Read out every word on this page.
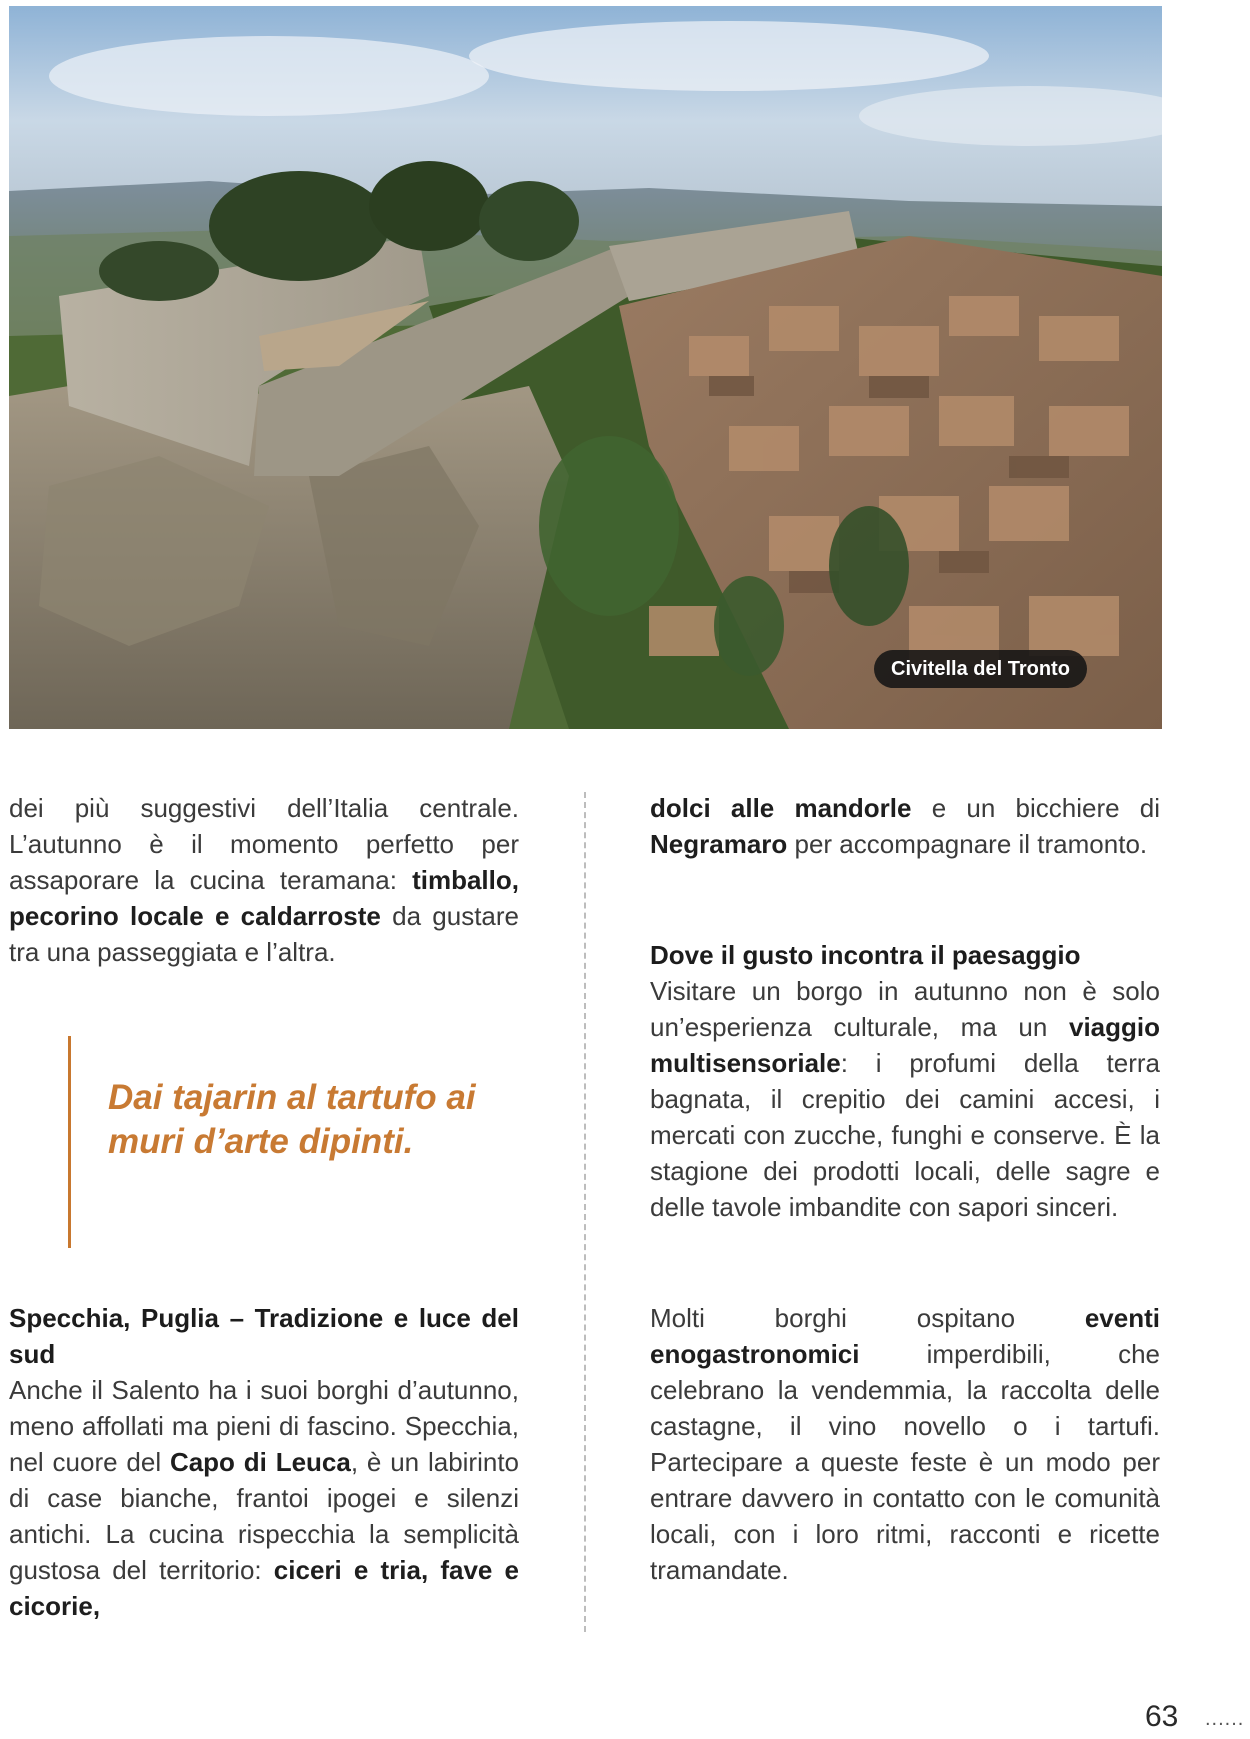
Civitella del Tronto

dei più suggestivi dell’Italia centrale. L’autunno è il momento perfetto per assaporare la cucina teramana: timballo, pecorino locale e caldarroste da gustare tra una passeggiata e l’altra.

Dai tajarin al tartufo ai muri d’arte dipinti.

Specchia, Puglia – Tradizione e luce del sud

Anche il Salento ha i suoi borghi d’autunno, meno affollati ma pieni di fascino. Specchia, nel cuore del Capo di Leuca, è un labirinto di case bianche, frantoi ipogei e silenzi antichi. La cucina rispecchia la semplicità gustosa del territorio: ciceri e tria, fave e cicorie,

dolci alle mandorle e un bicchiere di Negramaro per accompagnare il tramonto.

Dove il gusto incontra il paesaggio

Visitare un borgo in autunno non è solo un’esperienza culturale, ma un viaggio multisensoriale: i profumi della terra bagnata, il crepitio dei camini accesi, i mercati con zucche, funghi e conserve. È la stagione dei prodotti locali, delle sagre e delle tavole imbandite con sapori sinceri.

Molti borghi ospitano eventi enogastronomici imperdibili, che celebrano la vendemmia, la raccolta delle castagne, il vino novello o i tartufi. Partecipare a queste feste è un modo per entrare davvero in contatto con le comunità locali, con i loro ritmi, racconti e ricette tramandate.

63 ......
